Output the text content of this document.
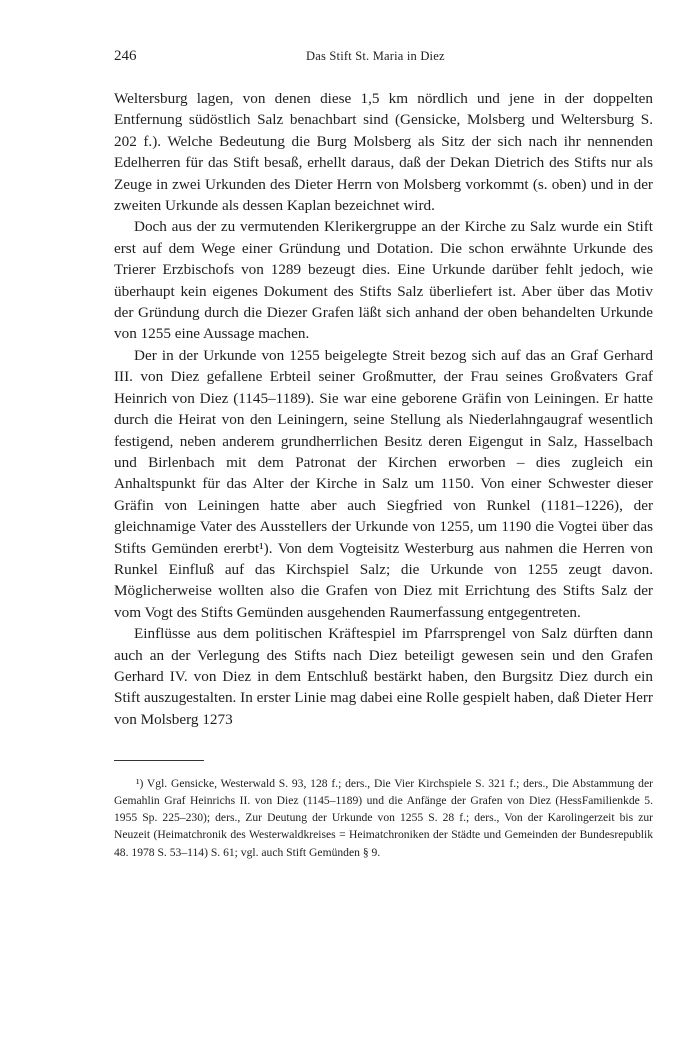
246	Das Stift St. Maria in Diez

Weltersburg lagen, von denen diese 1,5 km nördlich und jene in der doppelten Entfernung südöstlich Salz benachbart sind (Gensicke, Molsberg und Weltersburg S. 202 f.). Welche Bedeutung die Burg Molsberg als Sitz der sich nach ihr nennenden Edelherren für das Stift besaß, erhellt daraus, daß der Dekan Dietrich des Stifts nur als Zeuge in zwei Urkunden des Dieter Herrn von Molsberg vorkommt (s. oben) und in der zweiten Urkunde als dessen Kaplan bezeichnet wird.

Doch aus der zu vermutenden Klerikergruppe an der Kirche zu Salz wurde ein Stift erst auf dem Wege einer Gründung und Dotation. Die schon erwähnte Urkunde des Trierer Erzbischofs von 1289 bezeugt dies. Eine Urkunde darüber fehlt jedoch, wie überhaupt kein eigenes Dokument des Stifts Salz überliefert ist. Aber über das Motiv der Gründung durch die Diezer Grafen läßt sich anhand der oben behandelten Urkunde von 1255 eine Aussage machen.

Der in der Urkunde von 1255 beigelegte Streit bezog sich auf das an Graf Gerhard III. von Diez gefallene Erbteil seiner Großmutter, der Frau seines Großvaters Graf Heinrich von Diez (1145–1189). Sie war eine geborene Gräfin von Leiningen. Er hatte durch die Heirat von den Leiningern, seine Stellung als Niederlahngaugraf wesentlich festigend, neben anderem grundherrlichen Besitz deren Eigengut in Salz, Hasselbach und Birlenbach mit dem Patronat der Kirchen erworben – dies zugleich ein Anhaltspunkt für das Alter der Kirche in Salz um 1150. Von einer Schwester dieser Gräfin von Leiningen hatte aber auch Siegfried von Runkel (1181–1226), der gleichnamige Vater des Ausstellers der Urkunde von 1255, um 1190 die Vogtei über das Stifts Gemünden ererbt¹). Von dem Vogteisitz Westerburg aus nahmen die Herren von Runkel Einfluß auf das Kirchspiel Salz; die Urkunde von 1255 zeugt davon. Möglicherweise wollten also die Grafen von Diez mit Errichtung des Stifts Salz der vom Vogt des Stifts Gemünden ausgehenden Raumerfassung entgegentreten.

Einflüsse aus dem politischen Kräftespiel im Pfarrsprengel von Salz dürften dann auch an der Verlegung des Stifts nach Diez beteiligt gewesen sein und den Grafen Gerhard IV. von Diez in dem Entschluß bestärkt haben, den Burgsitz Diez durch ein Stift auszugestalten. In erster Linie mag dabei eine Rolle gespielt haben, daß Dieter Herr von Molsberg 1273

¹) Vgl. Gensicke, Westerwald S. 93, 128 f.; ders., Die Vier Kirchspiele S. 321 f.; ders., Die Abstammung der Gemahlin Graf Heinrichs II. von Diez (1145–1189) und die Anfänge der Grafen von Diez (HessFamilienkde 5. 1955 Sp. 225–230); ders., Zur Deutung der Urkunde von 1255 S. 28 f.; ders., Von der Karolingerzeit bis zur Neuzeit (Heimatchronik des Westerwaldkreises = Heimatchroniken der Städte und Gemeinden der Bundesrepublik 48. 1978 S. 53–114) S. 61; vgl. auch Stift Gemünden § 9.
